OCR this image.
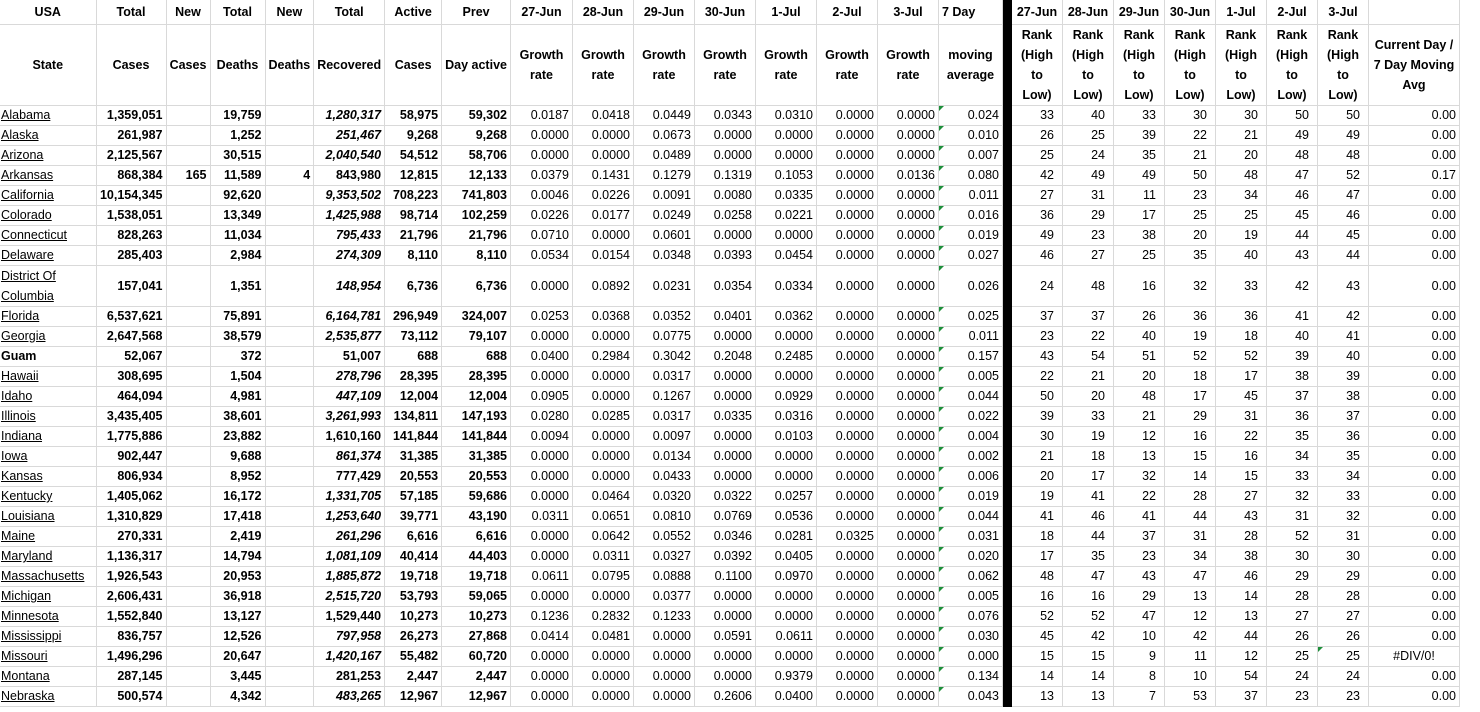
USA	Total	New	Total	New	Total	Active	Prev	27-Jun	28-Jun	29-Jun	30-Jun	1-Jul	2-Jul	3-Jul	7 Day		27-Jun	28-Jun	29-Jun	30-Jun	1-Jul	2-Jul	3-Jul	
State	Cases	Cases	Deaths	Deaths	Recovered	Cases	Day active	Growth rate	Growth rate	Growth rate	Growth rate	Growth rate	Growth rate	Growth rate	moving average		Rank (High to Low)	Rank (High to Low)	Rank (High to Low)	Rank (High to Low)	Rank (High to Low)	Rank (High to Low)	Rank (High to Low)	Current Day / 7 Day Moving Avg
Alabama	1,359,051		19,759		1,280,317	58,975	59,302	0.0187	0.0418	0.0449	0.0343	0.0310	0.0000	0.0000	0.024		33	40	33	30	30	50	50	0.00
Alaska	261,987		1,252		251,467	9,268	9,268	0.0000	0.0000	0.0673	0.0000	0.0000	0.0000	0.0000	0.010		26	25	39	22	21	49	49	0.00
Arizona	2,125,567		30,515		2,040,540	54,512	58,706	0.0000	0.0000	0.0489	0.0000	0.0000	0.0000	0.0000	0.007		25	24	35	21	20	48	48	0.00
Arkansas	868,384	165	11,589	4	843,980	12,815	12,133	0.0379	0.1431	0.1279	0.1319	0.1053	0.0000	0.0136	0.080		42	49	49	50	48	47	52	0.17
California	10,154,345		92,620		9,353,502	708,223	741,803	0.0046	0.0226	0.0091	0.0080	0.0335	0.0000	0.0000	0.011		27	31	11	23	34	46	47	0.00
Colorado	1,538,051		13,349		1,425,988	98,714	102,259	0.0226	0.0177	0.0249	0.0258	0.0221	0.0000	0.0000	0.016		36	29	17	25	25	45	46	0.00
Connecticut	828,263		11,034		795,433	21,796	21,796	0.0710	0.0000	0.0601	0.0000	0.0000	0.0000	0.0000	0.019		49	23	38	20	19	44	45	0.00
Delaware	285,403		2,984		274,309	8,110	8,110	0.0534	0.0154	0.0348	0.0393	0.0454	0.0000	0.0000	0.027		46	27	25	35	40	43	44	0.00
District Of Columbia	157,041		1,351		148,954	6,736	6,736	0.0000	0.0892	0.0231	0.0354	0.0334	0.0000	0.0000	0.026		24	48	16	32	33	42	43	0.00
Florida	6,537,621		75,891		6,164,781	296,949	324,007	0.0253	0.0368	0.0352	0.0401	0.0362	0.0000	0.0000	0.025		37	37	26	36	36	41	42	0.00
Georgia	2,647,568		38,579		2,535,877	73,112	79,107	0.0000	0.0000	0.0775	0.0000	0.0000	0.0000	0.0000	0.011		23	22	40	19	18	40	41	0.00
Guam	52,067		372		51,007	688	688	0.0400	0.2984	0.3042	0.2048	0.2485	0.0000	0.0000	0.157		43	54	51	52	52	39	40	0.00
Hawaii	308,695		1,504		278,796	28,395	28,395	0.0000	0.0000	0.0317	0.0000	0.0000	0.0000	0.0000	0.005		22	21	20	18	17	38	39	0.00
Idaho	464,094		4,981		447,109	12,004	12,004	0.0905	0.0000	0.1267	0.0000	0.0929	0.0000	0.0000	0.044		50	20	48	17	45	37	38	0.00
Illinois	3,435,405		38,601		3,261,993	134,811	147,193	0.0280	0.0285	0.0317	0.0335	0.0316	0.0000	0.0000	0.022		39	33	21	29	31	36	37	0.00
Indiana	1,775,886		23,882		1,610,160	141,844	141,844	0.0094	0.0000	0.0097	0.0000	0.0103	0.0000	0.0000	0.004		30	19	12	16	22	35	36	0.00
Iowa	902,447		9,688		861,374	31,385	31,385	0.0000	0.0000	0.0134	0.0000	0.0000	0.0000	0.0000	0.002		21	18	13	15	16	34	35	0.00
Kansas	806,934		8,952		777,429	20,553	20,553	0.0000	0.0000	0.0433	0.0000	0.0000	0.0000	0.0000	0.006		20	17	32	14	15	33	34	0.00
Kentucky	1,405,062		16,172		1,331,705	57,185	59,686	0.0000	0.0464	0.0320	0.0322	0.0257	0.0000	0.0000	0.019		19	41	22	28	27	32	33	0.00
Louisiana	1,310,829		17,418		1,253,640	39,771	43,190	0.0311	0.0651	0.0810	0.0769	0.0536	0.0000	0.0000	0.044		41	46	41	44	43	31	32	0.00
Maine	270,331		2,419		261,296	6,616	6,616	0.0000	0.0642	0.0552	0.0346	0.0281	0.0325	0.0000	0.031		18	44	37	31	28	52	31	0.00
Maryland	1,136,317		14,794		1,081,109	40,414	44,403	0.0000	0.0311	0.0327	0.0392	0.0405	0.0000	0.0000	0.020		17	35	23	34	38	30	30	0.00
Massachusetts	1,926,543		20,953		1,885,872	19,718	19,718	0.0611	0.0795	0.0888	0.1100	0.0970	0.0000	0.0000	0.062		48	47	43	47	46	29	29	0.00
Michigan	2,606,431		36,918		2,515,720	53,793	59,065	0.0000	0.0000	0.0377	0.0000	0.0000	0.0000	0.0000	0.005		16	16	29	13	14	28	28	0.00
Minnesota	1,552,840		13,127		1,529,440	10,273	10,273	0.1236	0.2832	0.1233	0.0000	0.0000	0.0000	0.0000	0.076		52	52	47	12	13	27	27	0.00
Mississippi	836,757		12,526		797,958	26,273	27,868	0.0414	0.0481	0.0000	0.0591	0.0611	0.0000	0.0000	0.030		45	42	10	42	44	26	26	0.00
Missouri	1,496,296		20,647		1,420,167	55,482	60,720	0.0000	0.0000	0.0000	0.0000	0.0000	0.0000	0.0000	0.000		15	15	9	11	12	25	25	#DIV/0!
Montana	287,145		3,445		281,253	2,447	2,447	0.0000	0.0000	0.0000	0.0000	0.9379	0.0000	0.0000	0.134		14	14	8	10	54	24	24	0.00
Nebraska	500,574		4,342		483,265	12,967	12,967	0.0000	0.0000	0.0000	0.2606	0.0400	0.0000	0.0000	0.043		13	13	7	53	37	23	23	0.00
